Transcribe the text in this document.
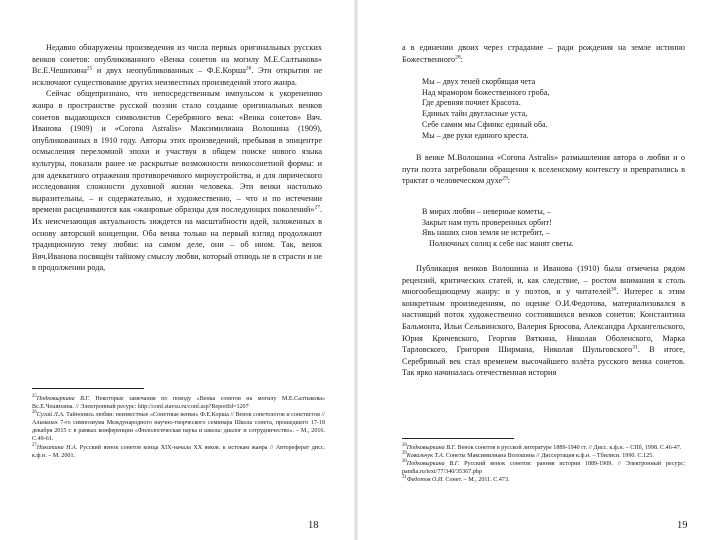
Недавно обнаружены произведения из числа первых оригинальных русских венков сонетов: опубликованного «Венка сонетов на могилу М.Е.Салтыкова» Вс.Е.Чешихина$^{25}$ и двух неопубликованных – Ф.Е.Корша$^{26}$. Эти открытия не исключают существование других неизвестных произведений этого жанра.

Сейчас общепризнано, что непосредственным импульсом к укоренению жанра в пространстве русской поэзии стало создание оригинальных венков сонетов выдающихся символистов Серебряного века: «Венка сонетов» Вяч. Иванова (1909) и «Corona Astralis» Максимилиана Волошина (1909), опубликованных в 1910 году. Авторы этих произведений, пребывая в эпицентре осмысления переломной эпохи и участвуя в общем поиске нового языка культуры, показали ранее не раскрытые возможности венкосонетной формы: и для адекватного отражения противоречивого мироустройства, и для лирического исследования сложности духовной жизни человека. Эти венки настолько выразительны, – и содержательно, и художественно, – что и по истечении времени расцениваются как «жанровые образцы для последующих поколений»$^{27}$. Их неисчезающая актуальность зиждется на масштабности идей, заложенных в основу авторской концепции. Оба венка только на первый взгляд продолжают традиционную тему любви: на самом деле, они – об ином. Так, венок Вяч.Иванова посвящён тайному смыслу любви, который отнюдь не в страсти и не в продолжении рода,

$^{25}$Подковыркина В.Г. Некоторые замечания по поводу «Венка сонетов на могилу М.Е.Салтыкова» Вс.Е.Чешихина. // Электронный ресурс: http://conf.stavsu.ru/conf.asp?ReportId=1207

$^{26}$Сугай Л.А. Тайнопись любви: неизвестные «Сонетные венки» Ф.Е.Корша // Венок сонетологов и сонетистов // Альманах 7-го симпозиума Международного научно-творческого семинара Школа сонета, прошедшего 17-18 декабря 2015 г. в рамках конференции «Филологическая наука и школа: диалог и сотрудничество». – М., 2016. С.49-61.

$^{27}$Никитина Н.А. Русский венок сонетов конца XIX-начала XX веков. к истокам жанра // Автореферат дисс. к.ф.н. – М. 2001.

18

а в единении двоих через страдание – ради рождения на земле истинно Божественного$^{28}$:

Мы – двух теней скорбящая чета
Над мрамором божественного гроба,
Где древняя почиет Красота.
Единых тайн двугласные уста,
Себе самим мы Сфинкс единый оба.
Мы – две руки единого креста.

В венке М.Волошина «Corona Astralis» размышления автора о любви и о пути поэта затребовали обращения к вселенскому контексту и превратились в трактат о человеческом духе$^{29}$:

В мирах любви – неверные кометы, –
Закрыт нам путь проверенных орбит!
Явь наших снов земля не истребит, –
Полночных солнц к себе нас манят светы.

Публикация венков Волошина и Иванова (1910) была отмечена рядом рецензий, критических статей, и, как следствие, – ростом внимания к столь многообещающему жанру: и у поэтов, и у читателей$^{30}$. Интерес к этим конкретным произведениям, по оценке О.И.Федотова, материализовался в настоящий поток художественно состоявшихся венков сонетов: Константина Бальмонта, Ильи Сельвинского, Валерия Брюсова, Александра Архангельского, Юрия Кричевского, Георгия Вяткина, Николая Оболенского, Марка Тарловского, Григория Ширмана, Николая Шульговского$^{31}$. В итоге, Серебряный век стал временем высочайшего взлёта русского венка сонетов. Так ярко начиналась отечественная история

$^{28}$Подковыркина В.Г. Венок сонетов в русской литературе 1889-1940 гг. // Дисс. к.ф.н. – СПб, 1998. С.46-47.

$^{29}$Ковальчук Т.А. Сонеты Максимилиана Волошина // Диссертация к.ф.н. – Тбилиси. 1990. С.125.

$^{30}$Подковыркина В.Г. Русский венок сонетов: ранняя история 1889-1909. // Электронный ресурс: pandia.ru/text/77/340/35367.php

$^{31}$Федотов О.И. Сонет. – М., 2011. С.473.

19
